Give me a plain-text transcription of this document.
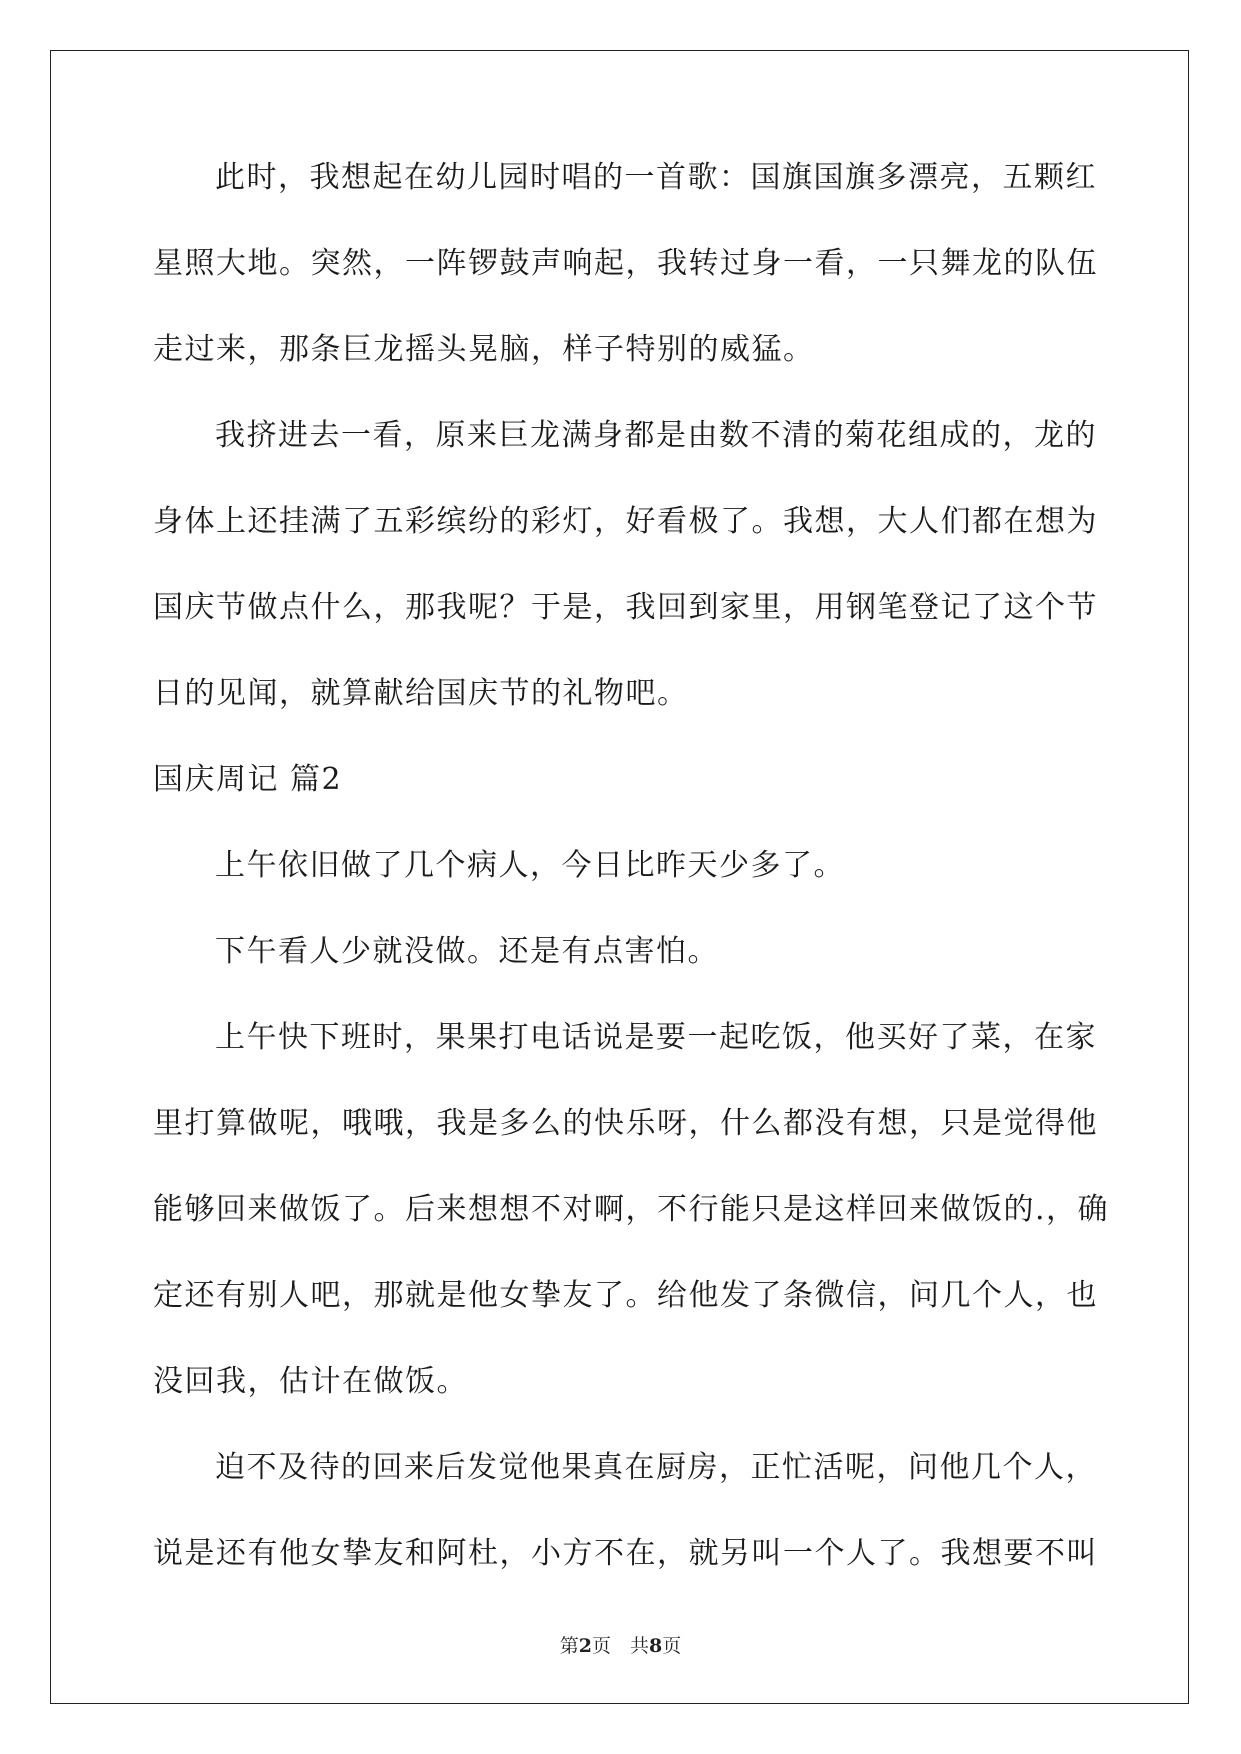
此时，我想起在幼儿园时唱的一首歌：国旗国旗多漂亮，五颗红
星照大地。突然，一阵锣鼓声响起，我转过身一看，一只舞龙的队伍
走过来，那条巨龙摇头晃脑，样子特别的威猛。
我挤进去一看，原来巨龙满身都是由数不清的菊花组成的，龙的
身体上还挂满了五彩缤纷的彩灯，好看极了。我想，大人们都在想为
国庆节做点什么，那我呢？于是，我回到家里，用钢笔登记了这个节
日的见闻，就算献给国庆节的礼物吧。
国庆周记 篇2
上午依旧做了几个病人，今日比昨天少多了。
下午看人少就没做。还是有点害怕。
上午快下班时，果果打电话说是要一起吃饭，他买好了菜，在家
里打算做呢，哦哦，我是多么的快乐呀，什么都没有想，只是觉得他
能够回来做饭了。后来想想不对啊，不行能只是这样回来做饭的.，确
定还有别人吧，那就是他女挚友了。给他发了条微信，问几个人，也
没回我，估计在做饭。
迫不及待的回来后发觉他果真在厨房，正忙活呢，问他几个人，
说是还有他女挚友和阿杜，小方不在，就另叫一个人了。我想要不叫
第2页　共8页
